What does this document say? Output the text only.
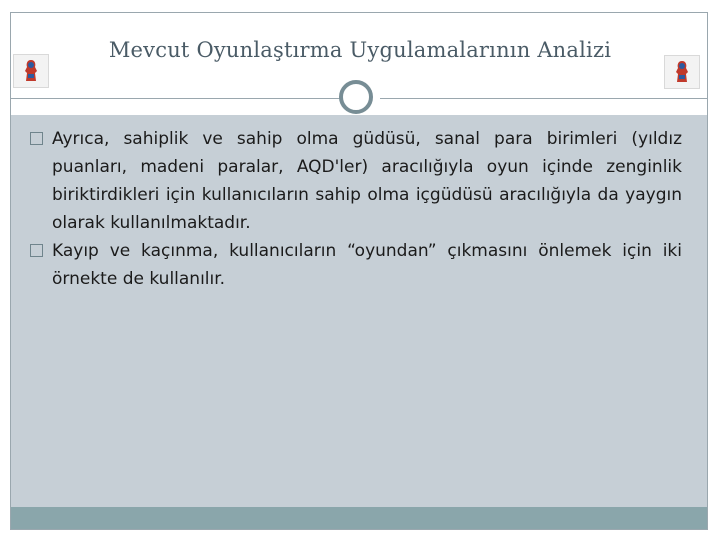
Mevcut Oyunlaştırma Uygulamalarının Analizi
Ayrıca, sahiplik ve sahip olma güdüsü, sanal para birimleri (yıldız puanları, madeni paralar, AQD'ler) aracılığıyla oyun içinde zenginlik biriktirdikleri için kullanıcıların sahip olma içgüdüsü aracılığıyla da yaygın olarak kullanılmaktadır.
Kayıp ve kaçınma, kullanıcıların “oyundan” çıkmasını önlemek için iki örnekte de kullanılır.
